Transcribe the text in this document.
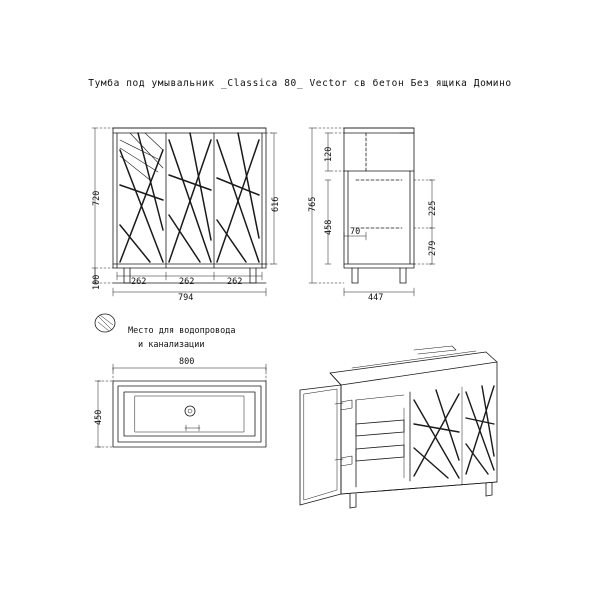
Тумба под умывальник _Classica 80_ Vector св бетон Без ящика Домино
720
100
616
262	262	262
794
120
765
458
225
279
70
447
Место для водопровода
и канализации
800
450
